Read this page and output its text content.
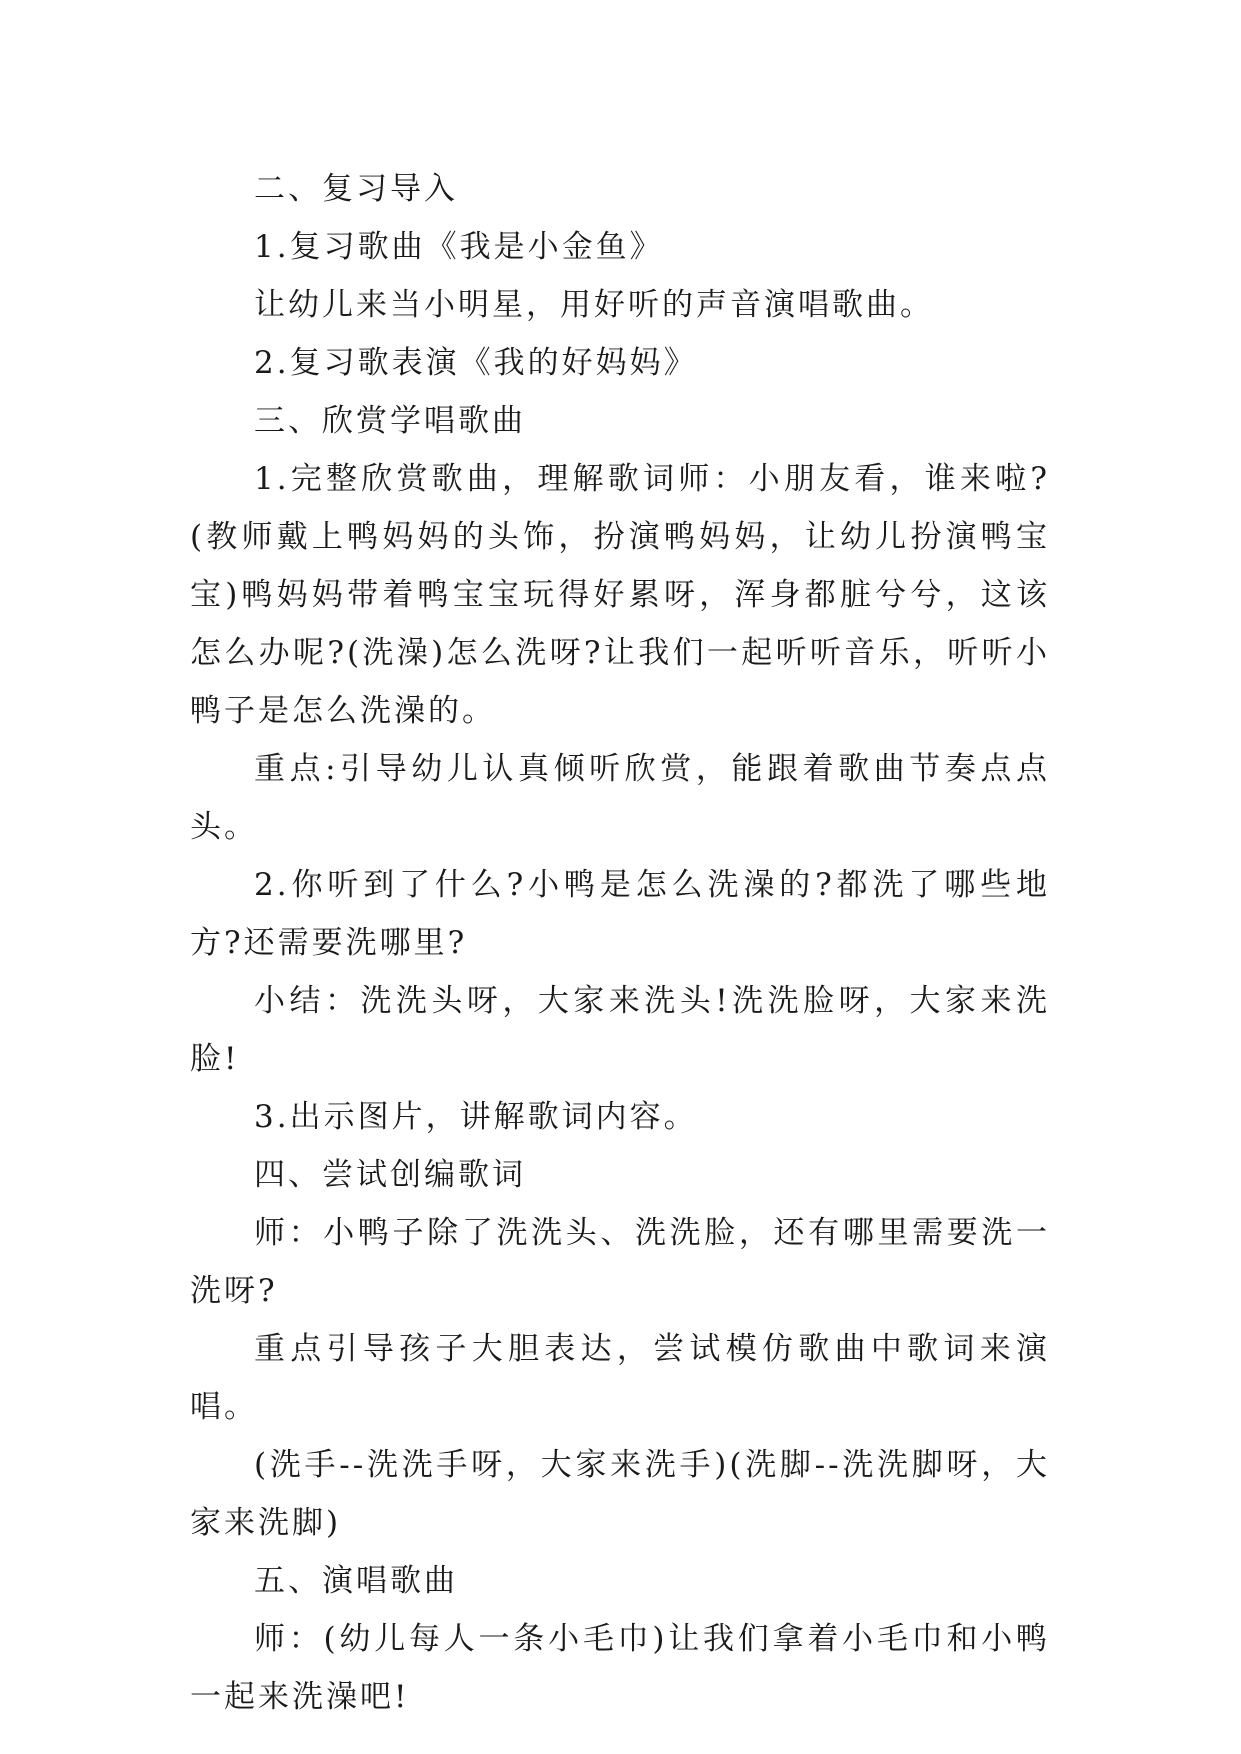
二、复习导入

1.复习歌曲《我是小金鱼》

让幼儿来当小明星，用好听的声音演唱歌曲。

2.复习歌表演《我的好妈妈》

三、欣赏学唱歌曲

1.完整欣赏歌曲，理解歌词师：小朋友看，谁来啦?(教师戴上鸭妈妈的头饰，扮演鸭妈妈，让幼儿扮演鸭宝宝)鸭妈妈带着鸭宝宝玩得好累呀，浑身都脏兮兮，这该怎么办呢?(洗澡)怎么洗呀?让我们一起听听音乐，听听小鸭子是怎么洗澡的。

重点:引导幼儿认真倾听欣赏，能跟着歌曲节奏点点头。

2.你听到了什么?小鸭是怎么洗澡的?都洗了哪些地方?还需要洗哪里?

小结：洗洗头呀，大家来洗头!洗洗脸呀，大家来洗脸!

3.出示图片，讲解歌词内容。

四、尝试创编歌词

师：小鸭子除了洗洗头、洗洗脸，还有哪里需要洗一洗呀?

重点引导孩子大胆表达，尝试模仿歌曲中歌词来演唱。

(洗手--洗洗手呀，大家来洗手)(洗脚--洗洗脚呀，大家来洗脚)

五、演唱歌曲

师：(幼儿每人一条小毛巾)让我们拿着小毛巾和小鸭一起来洗澡吧!
